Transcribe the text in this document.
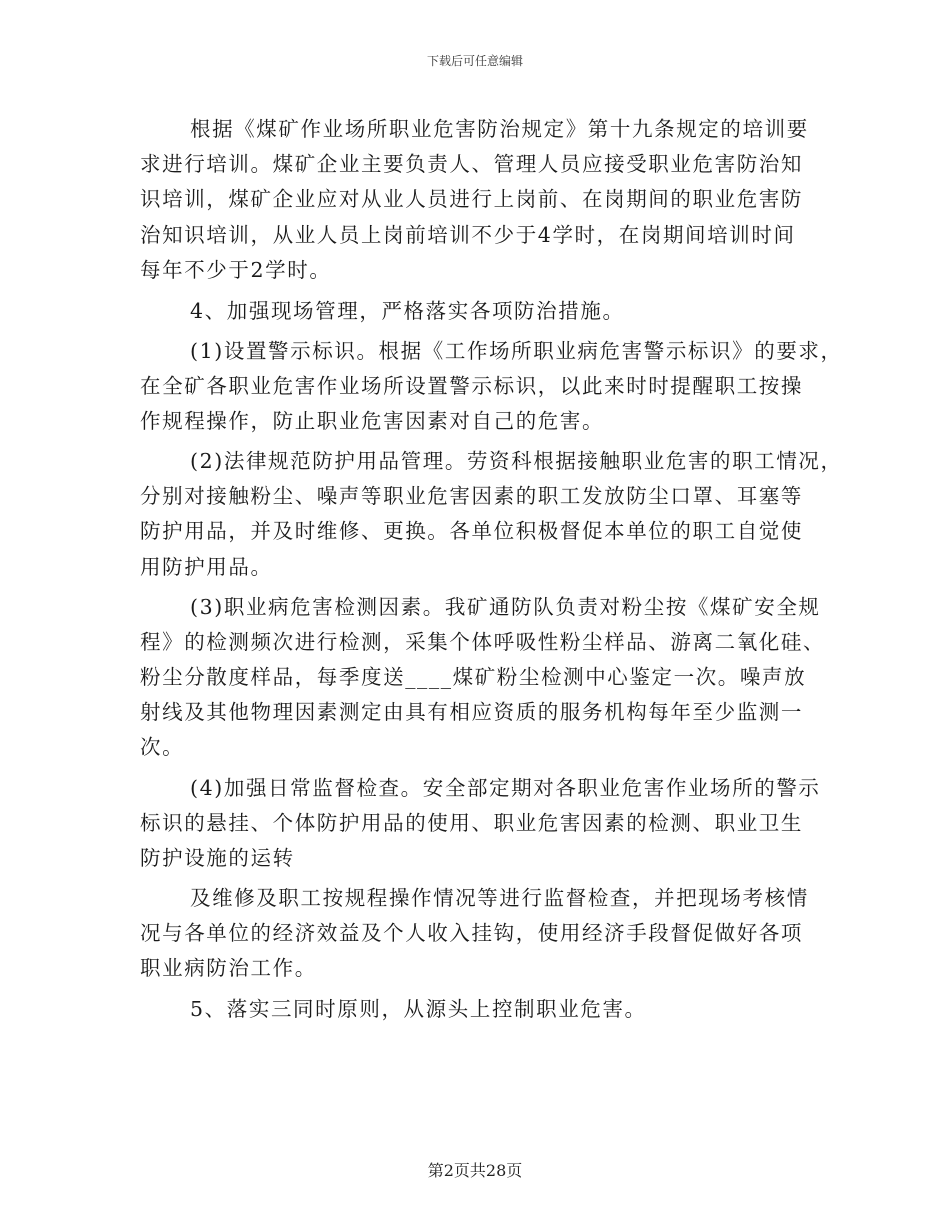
下载后可任意编辑
根据《煤矿作业场所职业危害防治规定》第十九条规定的培训要
求进行培训。煤矿企业主要负责人、管理人员应接受职业危害防治知
识培训，煤矿企业应对从业人员进行上岗前、在岗期间的职业危害防
治知识培训，从业人员上岗前培训不少于4学时，在岗期间培训时间
每年不少于2学时。
4、加强现场管理，严格落实各项防治措施。
(1)设置警示标识。根据《工作场所职业病危害警示标识》的要求，
在全矿各职业危害作业场所设置警示标识，以此来时时提醒职工按操
作规程操作，防止职业危害因素对自己的危害。
(2)法律规范防护用品管理。劳资科根据接触职业危害的职工情况，
分别对接触粉尘、噪声等职业危害因素的职工发放防尘口罩、耳塞等
防护用品，并及时维修、更换。各单位积极督促本单位的职工自觉使
用防护用品。
(3)职业病危害检测因素。我矿通防队负责对粉尘按《煤矿安全规
程》的检测频次进行检测，采集个体呼吸性粉尘样品、游离二氧化硅、
粉尘分散度样品，每季度送____煤矿粉尘检测中心鉴定一次。噪声放
射线及其他物理因素测定由具有相应资质的服务机构每年至少监测一
次。
(4)加强日常监督检查。安全部定期对各职业危害作业场所的警示
标识的悬挂、个体防护用品的使用、职业危害因素的检测、职业卫生
防护设施的运转
及维修及职工按规程操作情况等进行监督检查，并把现场考核情
况与各单位的经济效益及个人收入挂钩，使用经济手段督促做好各项
职业病防治工作。
5、落实三同时原则，从源头上控制职业危害。
第2页共28页
